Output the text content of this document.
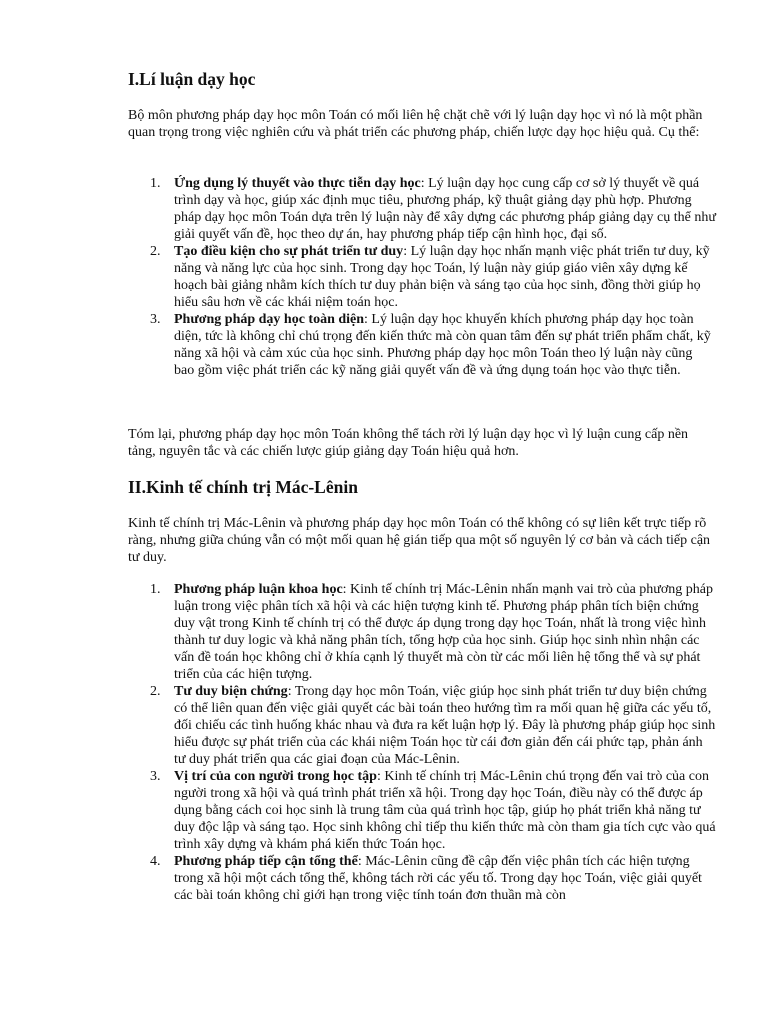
I.Lí luận dạy học

Bộ môn phương pháp dạy học môn Toán có mối liên hệ chặt chẽ với lý luận dạy học vì nó là một phần quan trọng trong việc nghiên cứu và phát triển các phương pháp, chiến lược dạy học hiệu quả. Cụ thể:

1. Ứng dụng lý thuyết vào thực tiễn dạy học: Lý luận dạy học cung cấp cơ sở lý thuyết về quá trình dạy và học, giúp xác định mục tiêu, phương pháp, kỹ thuật giảng dạy phù hợp. Phương pháp dạy học môn Toán dựa trên lý luận này để xây dựng các phương pháp giảng dạy cụ thể như giải quyết vấn đề, học theo dự án, hay phương pháp tiếp cận hình học, đại số.
2. Tạo điều kiện cho sự phát triển tư duy: Lý luận dạy học nhấn mạnh việc phát triển tư duy, kỹ năng và năng lực của học sinh. Trong dạy học Toán, lý luận này giúp giáo viên xây dựng kế hoạch bài giảng nhằm kích thích tư duy phản biện và sáng tạo của học sinh, đồng thời giúp họ hiểu sâu hơn về các khái niệm toán học.
3. Phương pháp dạy học toàn diện: Lý luận dạy học khuyến khích phương pháp dạy học toàn diện, tức là không chỉ chú trọng đến kiến thức mà còn quan tâm đến sự phát triển phẩm chất, kỹ năng xã hội và cảm xúc của học sinh. Phương pháp dạy học môn Toán theo lý luận này cũng bao gồm việc phát triển các kỹ năng giải quyết vấn đề và ứng dụng toán học vào thực tiễn.

Tóm lại, phương pháp dạy học môn Toán không thể tách rời lý luận dạy học vì lý luận cung cấp nền tảng, nguyên tắc và các chiến lược giúp giảng dạy Toán hiệu quả hơn.

II.Kinh tế chính trị Mác-Lênin

Kinh tế chính trị Mác-Lênin và phương pháp dạy học môn Toán có thể không có sự liên kết trực tiếp rõ ràng, nhưng giữa chúng vẫn có một mối quan hệ gián tiếp qua một số nguyên lý cơ bản và cách tiếp cận tư duy.

1. Phương pháp luận khoa học: Kinh tế chính trị Mác-Lênin nhấn mạnh vai trò của phương pháp luận trong việc phân tích xã hội và các hiện tượng kinh tế. Phương pháp phân tích biện chứng duy vật trong Kinh tế chính trị có thể được áp dụng trong dạy học Toán, nhất là trong việc hình thành tư duy logic và khả năng phân tích, tổng hợp của học sinh. Giúp học sinh nhìn nhận các vấn đề toán học không chỉ ở khía cạnh lý thuyết mà còn từ các mối liên hệ tổng thể và sự phát triển của các hiện tượng.
2. Tư duy biện chứng: Trong dạy học môn Toán, việc giúp học sinh phát triển tư duy biện chứng có thể liên quan đến việc giải quyết các bài toán theo hướng tìm ra mối quan hệ giữa các yếu tố, đối chiếu các tình huống khác nhau và đưa ra kết luận hợp lý. Đây là phương pháp giúp học sinh hiểu được sự phát triển của các khái niệm Toán học từ cái đơn giản đến cái phức tạp, phản ánh tư duy phát triển qua các giai đoạn của Mác-Lênin.
3. Vị trí của con người trong học tập: Kinh tế chính trị Mác-Lênin chú trọng đến vai trò của con người trong xã hội và quá trình phát triển xã hội. Trong dạy học Toán, điều này có thể được áp dụng bằng cách coi học sinh là trung tâm của quá trình học tập, giúp họ phát triển khả năng tư duy độc lập và sáng tạo. Học sinh không chỉ tiếp thu kiến thức mà còn tham gia tích cực vào quá trình xây dựng và khám phá kiến thức Toán học.
4. Phương pháp tiếp cận tổng thể: Mác-Lênin cũng đề cập đến việc phân tích các hiện tượng trong xã hội một cách tổng thể, không tách rời các yếu tố. Trong dạy học Toán, việc giải quyết các bài toán không chỉ giới hạn trong việc tính toán đơn thuần mà còn
